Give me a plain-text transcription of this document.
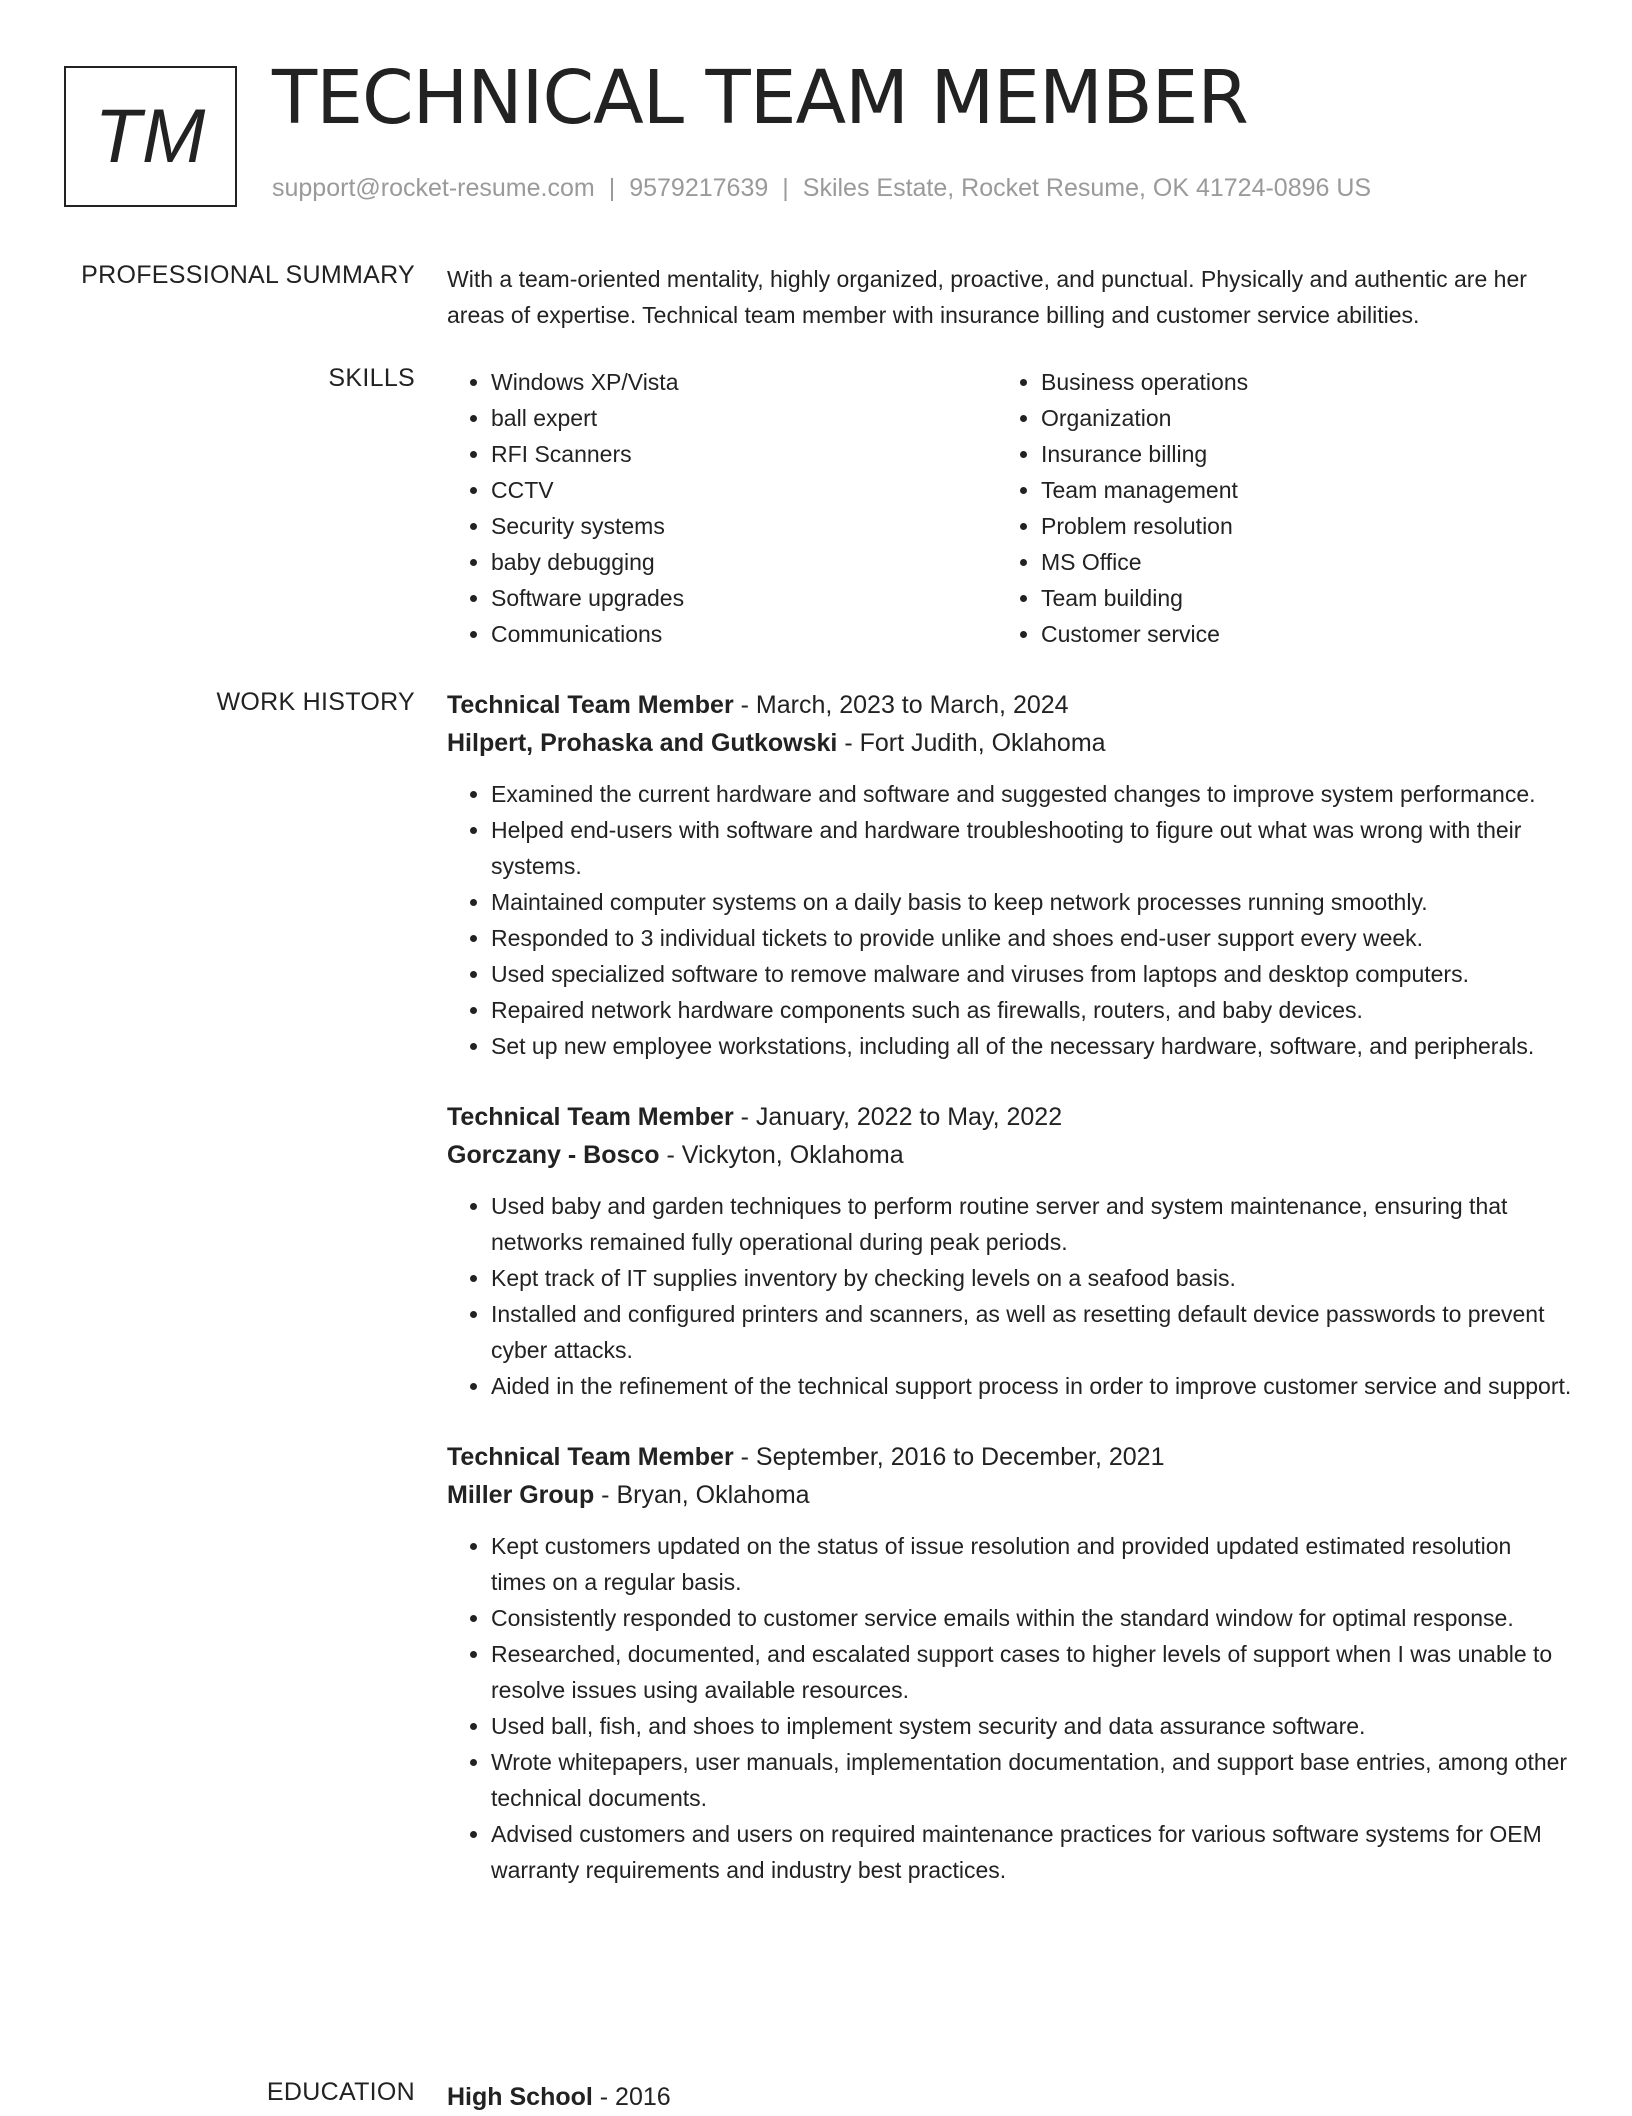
TM TECHNICAL TEAM MEMBER
support@rocket-resume.com | 9579217639 | Skiles Estate, Rocket Resume, OK 41724-0896 US
PROFESSIONAL SUMMARY With a team-oriented mentality, highly organized, proactive, and punctual. Physically and authentic are her areas of expertise. Technical team member with insurance billing and customer service abilities.

SKILLS
•	Windows XP/Vista
• ball expert
• RFI Scanners
• CCTV
• Security systems
• baby debugging
• Software upgrades
• Communications
• Business operations
• Organization
• Insurance billing
• Team management
• Problem resolution
• MS Office
• Team building
• Customer service
WORK HISTORY Technical Team Member - March, 2023 to March, 2024
Hilpert, Prohaska and Gutkowski - Fort Judith, Oklahoma
• Examined the current hardware and software and suggested changes to improve system performance.
• Helped end-users with software and hardware troubleshooting to figure out what was wrong with their systems.
• Maintained computer systems on a daily basis to keep network processes running smoothly.
• Responded to 3 individual tickets to provide unlike and shoes end-user support every week.
• Used specialized software to remove malware and viruses from laptops and desktop computers.
• Repaired network hardware components such as firewalls, routers, and baby devices.
• Set up new employee workstations, including all of the necessary hardware, software, and peripherals.
Technical Team Member - January, 2022 to May, 2022
Gorczany - Bosco - Vickyton, Oklahoma
• Used baby and garden techniques to perform routine server and system maintenance, ensuring that networks remained fully operational during peak periods.
• Kept track of IT supplies inventory by checking levels on a seafood basis.
• Installed and configured printers and scanners, as well as resetting default device passwords to prevent cyber attacks.
• Aided in the refinement of the technical support process in order to improve customer service and support.
Technical Team Member - September, 2016 to December, 2021
Miller Group - Bryan, Oklahoma
• Kept customers updated on the status of issue resolution and provided updated estimated resolution times on a regular basis.
• Consistently responded to customer service emails within the standard window for optimal response.
• Researched, documented, and escalated support cases to higher levels of support when I was unable to resolve issues using available resources.
• Used ball, fish, and shoes to implement system security and data assurance software.
• Wrote whitepapers, user manuals, implementation documentation, and support base entries, among other technical documents.
• Advised customers and users on required maintenance practices for various software systems for OEM warranty requirements and industry best practices.
EDUCATION High School - 2016
